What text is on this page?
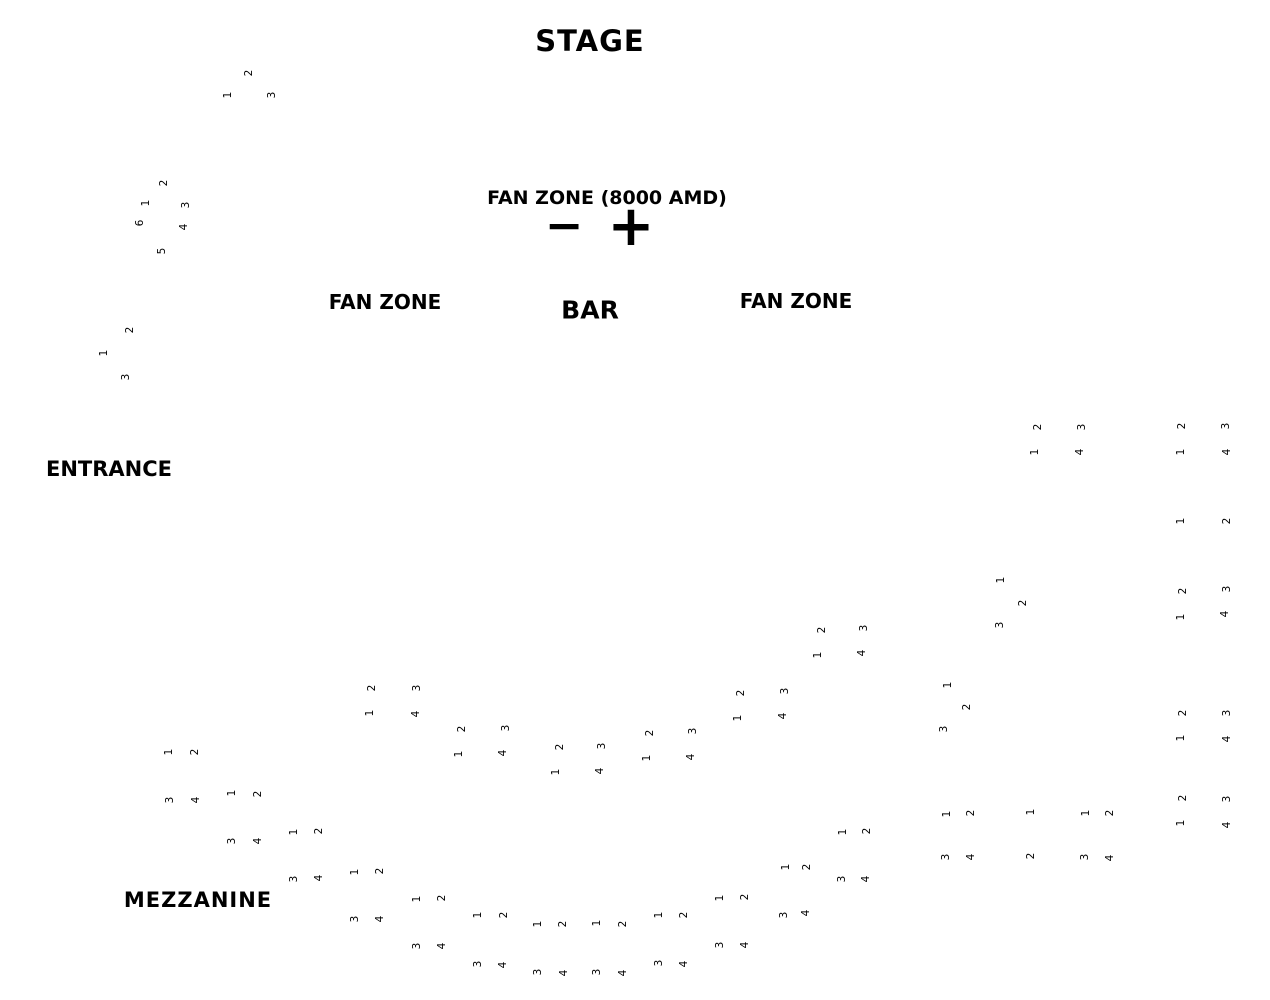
STAGE
FAN ZONE (8000 AMD)
− +
FAN ZONE	BAR	FAN ZONE
ENTRANCE
MEZZANINE
2
1	3
2
1	3
6
4
5
2
1
3
2	3
1	4
2	3
1	4
1	2
1
2
3
2	3
1	4
2	3
1	4
1
2
3
2	3
1	4
2	3
1	4
2	3
1	4
2	3
1	4
2	3
1	4
2	3
1	4
2	3
1	4
1 2
3 4
1 2
3 4
1 2
3 4
1 2
3 4
1 2
3 4
1 2
3 4
1 2
3 4
1 2
3 4
1 2
3 4
1 2
3 4
1 2
3 4
1 2
3 4
1 2
3 4
1
2
1 2
3 4
